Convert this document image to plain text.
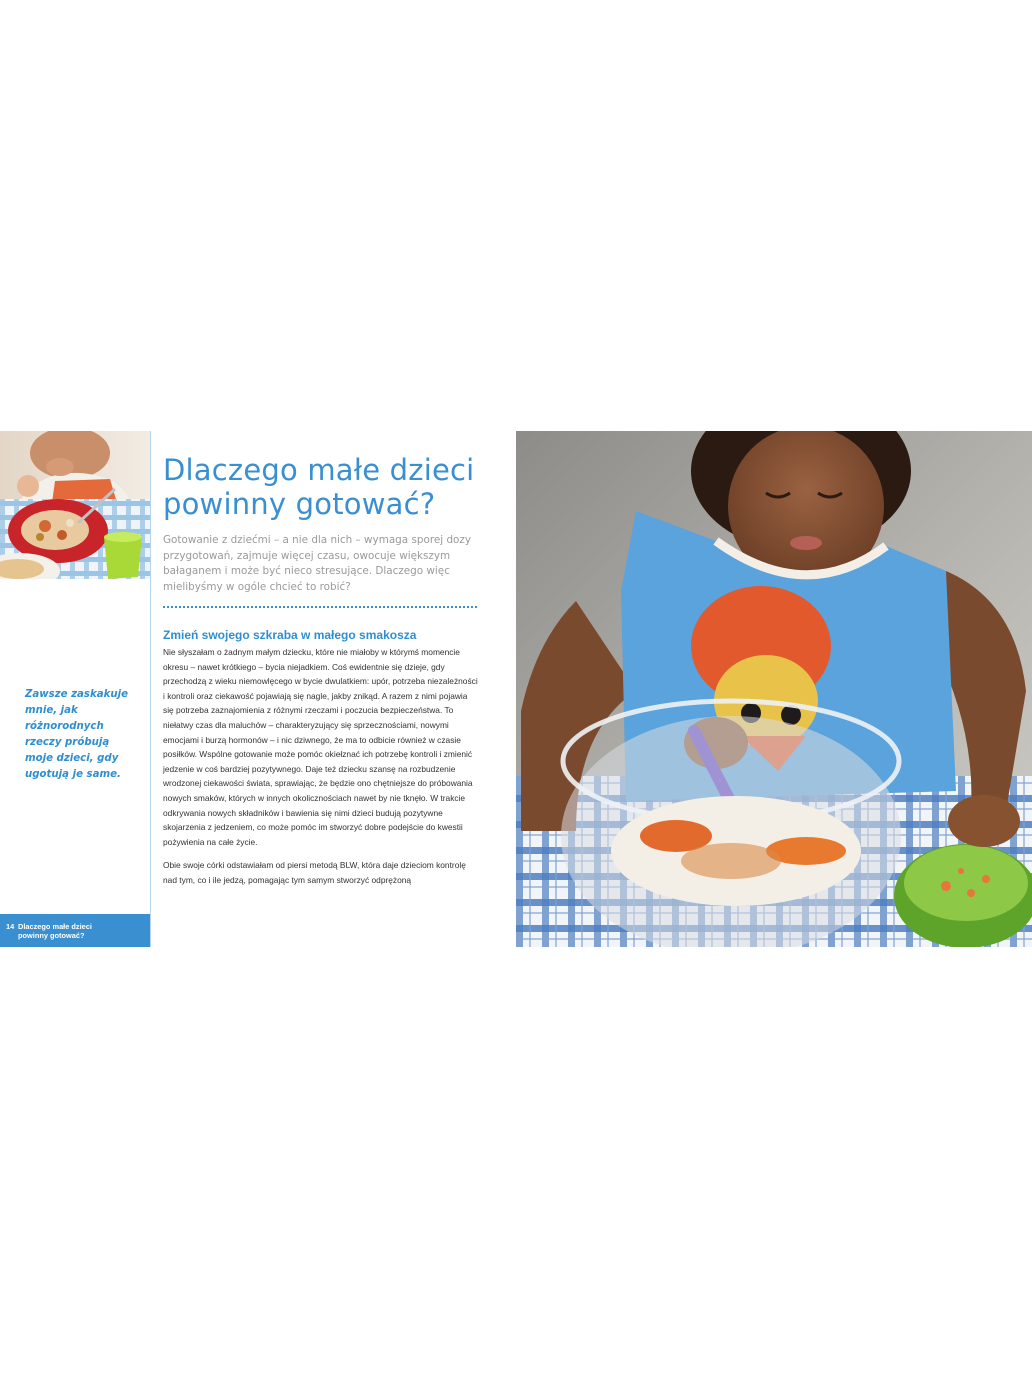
Zawsze zaskakuje mnie, jak różnorodnych rzeczy próbują moje dzieci, gdy ugotują je same.
14 Dlaczego małe dzieci powinny gotować?
Dlaczego małe dzieci powinny gotować?
Gotowanie z dziećmi – a nie dla nich – wymaga sporej dozy przygotowań, zajmuje więcej czasu, owocuje większym bałaganem i może być nieco stresujące. Dlaczego więc mielibyśmy w ogóle chcieć to robić?
Zmień swojego szkraba w małego smakosza

Nie słyszałam o żadnym małym dziecku, które nie miałoby w którymś momencie okresu – nawet krótkiego – bycia niejadkiem. Coś ewidentnie się dzieje, gdy przechodzą z wieku niemowlęcego w bycie dwulatkiem: upór, potrzeba niezależności i kontroli oraz ciekawość pojawiają się nagle, jakby znikąd. A razem z nimi pojawia się potrzeba zaznajomienia z różnymi rzeczami i poczucia bezpieczeństwa. To niełatwy czas dla maluchów – charakteryzujący się sprzecznościami, nowymi emocjami i burzą hormonów – i nic dziwnego, że ma to odbicie również w czasie posiłków. Wspólne gotowanie może pomóc okiełznać ich potrzebę kontroli i zmienić jedzenie w coś bardziej pozytywnego. Daje też dziecku szansę na rozbudzenie wrodzonej ciekawości świata, sprawiając, że będzie ono chętniejsze do próbowania nowych smaków, których w innych okolicznościach nawet by nie tknęło. W trakcie odkrywania nowych składników i bawienia się nimi dzieci budują pozytywne skojarzenia z jedzeniem, co może pomóc im stworzyć dobre podejście do kwestii pożywienia na całe życie.

Obie swoje córki odstawiałam od piersi metodą BLW, która daje dzieciom kontrolę nad tym, co i ile jedzą, pomagając tym samym stworzyć odprężoną
